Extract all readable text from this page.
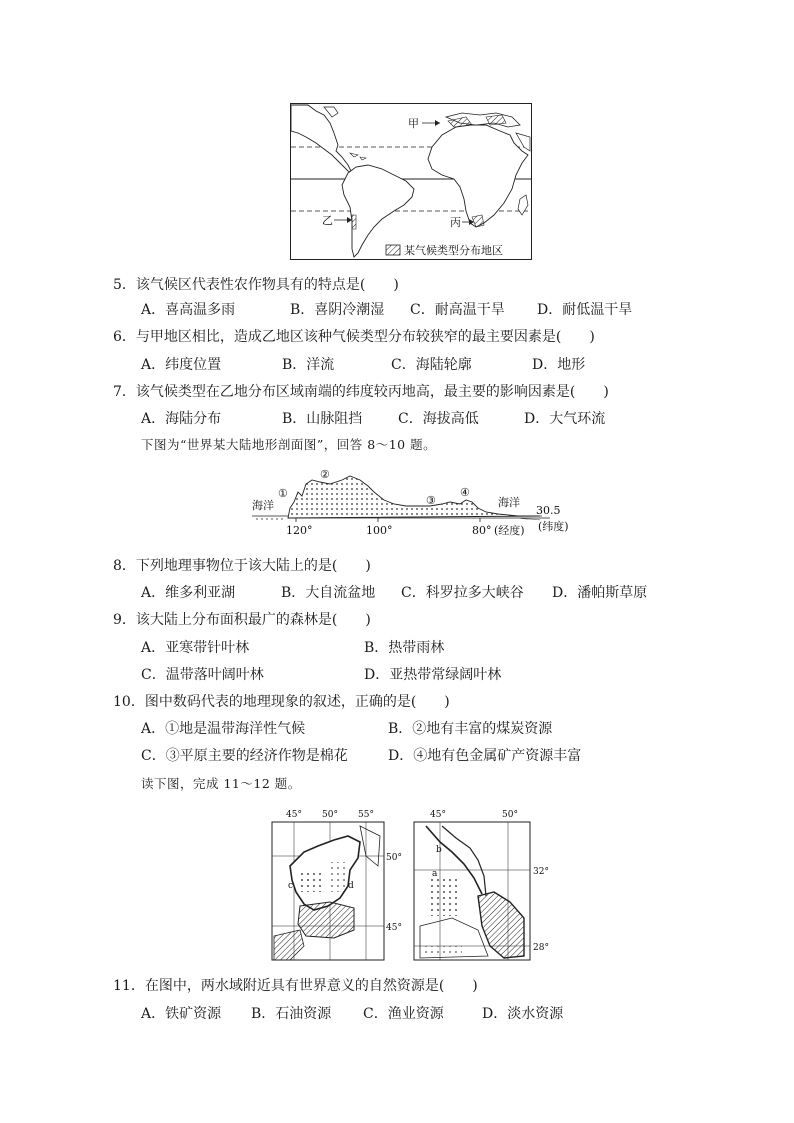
甲
乙	丙
某气候类型分布地区
5．该气候区代表性农作物具有的特点是(　　)
A．喜高温多雨	B．喜阴冷潮湿 C．耐高温干旱 D．耐低温干旱
6．与甲地区相比，造成乙地区该种气候类型分布较狭窄的最主要因素是(　　)
A．纬度位置	B．洋流	C．海陆轮廓	D．地形
7．该气候类型在乙地分布区域南端的纬度较丙地高，最主要的影响因素是(　　)
A．海陆分布	B．山脉阻挡	C．海拔高低	D．大气环流
下图为“世界某大陆地形剖面图”，回答 8～10 题。
海洋	海洋
30.5
(纬度)
①
②
③
④
120°	100°	80° (经度)
8．下列地理事物位于该大陆上的是(　　)
A．维多利亚湖	B．大自流盆地 C．科罗拉多大峡谷 D．潘帕斯草原
9．该大陆上分布面积最广的森林是(　　)
A．亚寒带针叶林	B．热带雨林
C．温带落叶阔叶林	D．亚热带常绿阔叶林
10．图中数码代表的地理现象的叙述，正确的是(　　)
A．①地是温带海洋性气候	B．②地有丰富的煤炭资源
C．③平原主要的经济作物是棉花	D．④地有色金属矿产资源丰富
读下图，完成 11～12 题。
45° 50° 55°
50°
45°
c	d
45°	50°
32°
28°
b
a
11．在图中，两水域附近具有世界意义的自然资源是(　　)
A．铁矿资源 B．石油资源 C．渔业资源	D．淡水资源
